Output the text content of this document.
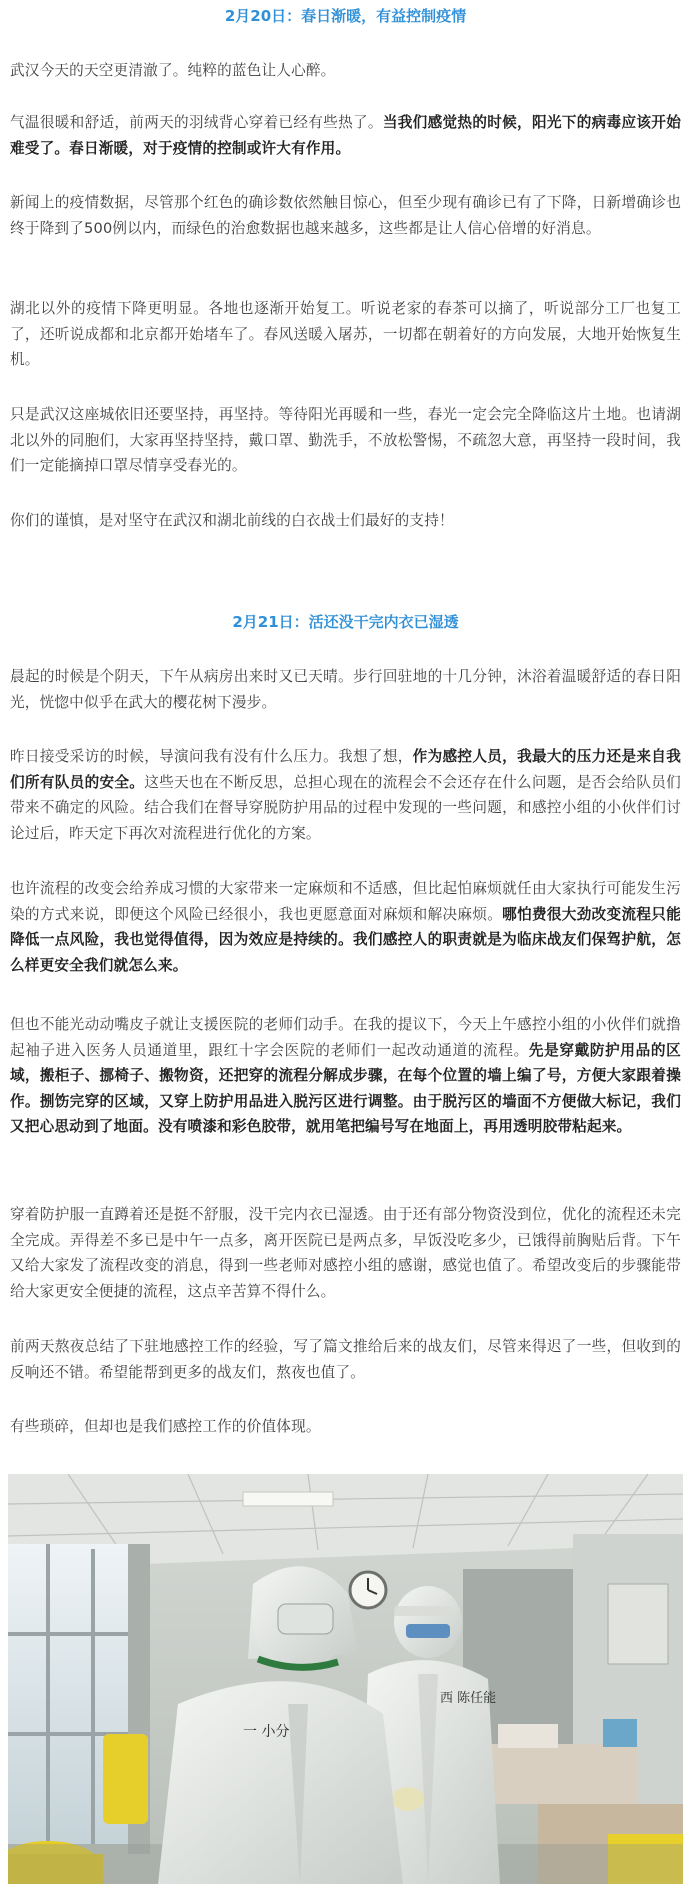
2月20日：春日渐暖，有益控制疫情

武汉今天的天空更清澈了。纯粹的蓝色让人心醉。

气温很暖和舒适，前两天的羽绒背心穿着已经有些热了。当我们感觉热的时候，阳光下的病毒应该开始难受了。春日渐暖，对于疫情的控制或许大有作用。

新闻上的疫情数据，尽管那个红色的确诊数依然触目惊心，但至少现有确诊已有了下降，日新增确诊也终于降到了500例以内，而绿色的治愈数据也越来越多，这些都是让人信心倍增的好消息。

湖北以外的疫情下降更明显。各地也逐渐开始复工。听说老家的春茶可以摘了，听说部分工厂也复工了，还听说成都和北京都开始堵车了。春风送暖入屠苏，一切都在朝着好的方向发展，大地开始恢复生机。

只是武汉这座城依旧还要坚持，再坚持。等待阳光再暖和一些，春光一定会完全降临这片土地。也请湖北以外的同胞们，大家再坚持坚持，戴口罩、勤洗手，不放松警惕，不疏忽大意，再坚持一段时间，我们一定能摘掉口罩尽情享受春光的。

你们的谨慎，是对坚守在武汉和湖北前线的白衣战士们最好的支持！

2月21日：活还没干完内衣已湿透

晨起的时候是个阴天，下午从病房出来时又已天晴。步行回驻地的十几分钟，沐浴着温暖舒适的春日阳光，恍惚中似乎在武大的樱花树下漫步。

昨日接受采访的时候，导演问我有没有什么压力。我想了想，作为感控人员，我最大的压力还是来自我们所有队员的安全。这些天也在不断反思，总担心现在的流程会不会还存在什么问题，是否会给队员们带来不确定的风险。结合我们在督导穿脱防护用品的过程中发现的一些问题，和感控小组的小伙伴们讨论过后，昨天定下再次对流程进行优化的方案。

也许流程的改变会给养成习惯的大家带来一定麻烦和不适感，但比起怕麻烦就任由大家执行可能发生污染的方式来说，即便这个风险已经很小，我也更愿意面对麻烦和解决麻烦。哪怕费很大劲改变流程只能降低一点风险，我也觉得值得，因为效应是持续的。我们感控人的职责就是为临床战友们保驾护航，怎么样更安全我们就怎么来。

但也不能光动动嘴皮子就让支援医院的老师们动手。在我的提议下，今天上午感控小组的小伙伴们就撸起袖子进入医务人员通道里，跟红十字会医院的老师们一起改动通道的流程。先是穿戴防护用品的区域，搬柜子、挪椅子、搬物资，还把穿的流程分解成步骤，在每个位置的墙上编了号，方便大家跟着操作。捌饬完穿的区域，又穿上防护用品进入脱污区进行调整。由于脱污区的墙面不方便做大标记，我们又把心思动到了地面。没有喷漆和彩色胶带，就用笔把编号写在地面上，再用透明胶带粘起来。

穿着防护服一直蹲着还是挺不舒服，没干完内衣已湿透。由于还有部分物资没到位，优化的流程还未完全完成。弄得差不多已是中午一点多，离开医院已是两点多，早饭没吃多少，已饿得前胸贴后背。下午又给大家发了流程改变的消息，得到一些老师对感控小组的感谢，感觉也值了。希望改变后的步骤能带给大家更安全便捷的流程，这点辛苦算不得什么。

前两天熬夜总结了下驻地感控工作的经验，写了篇文推给后来的战友们，尽管来得迟了一些，但收到的反响还不错。希望能帮到更多的战友们，熬夜也值了。

有些琐碎，但却也是我们感控工作的价值体现。

西 陈任能
一 小分
